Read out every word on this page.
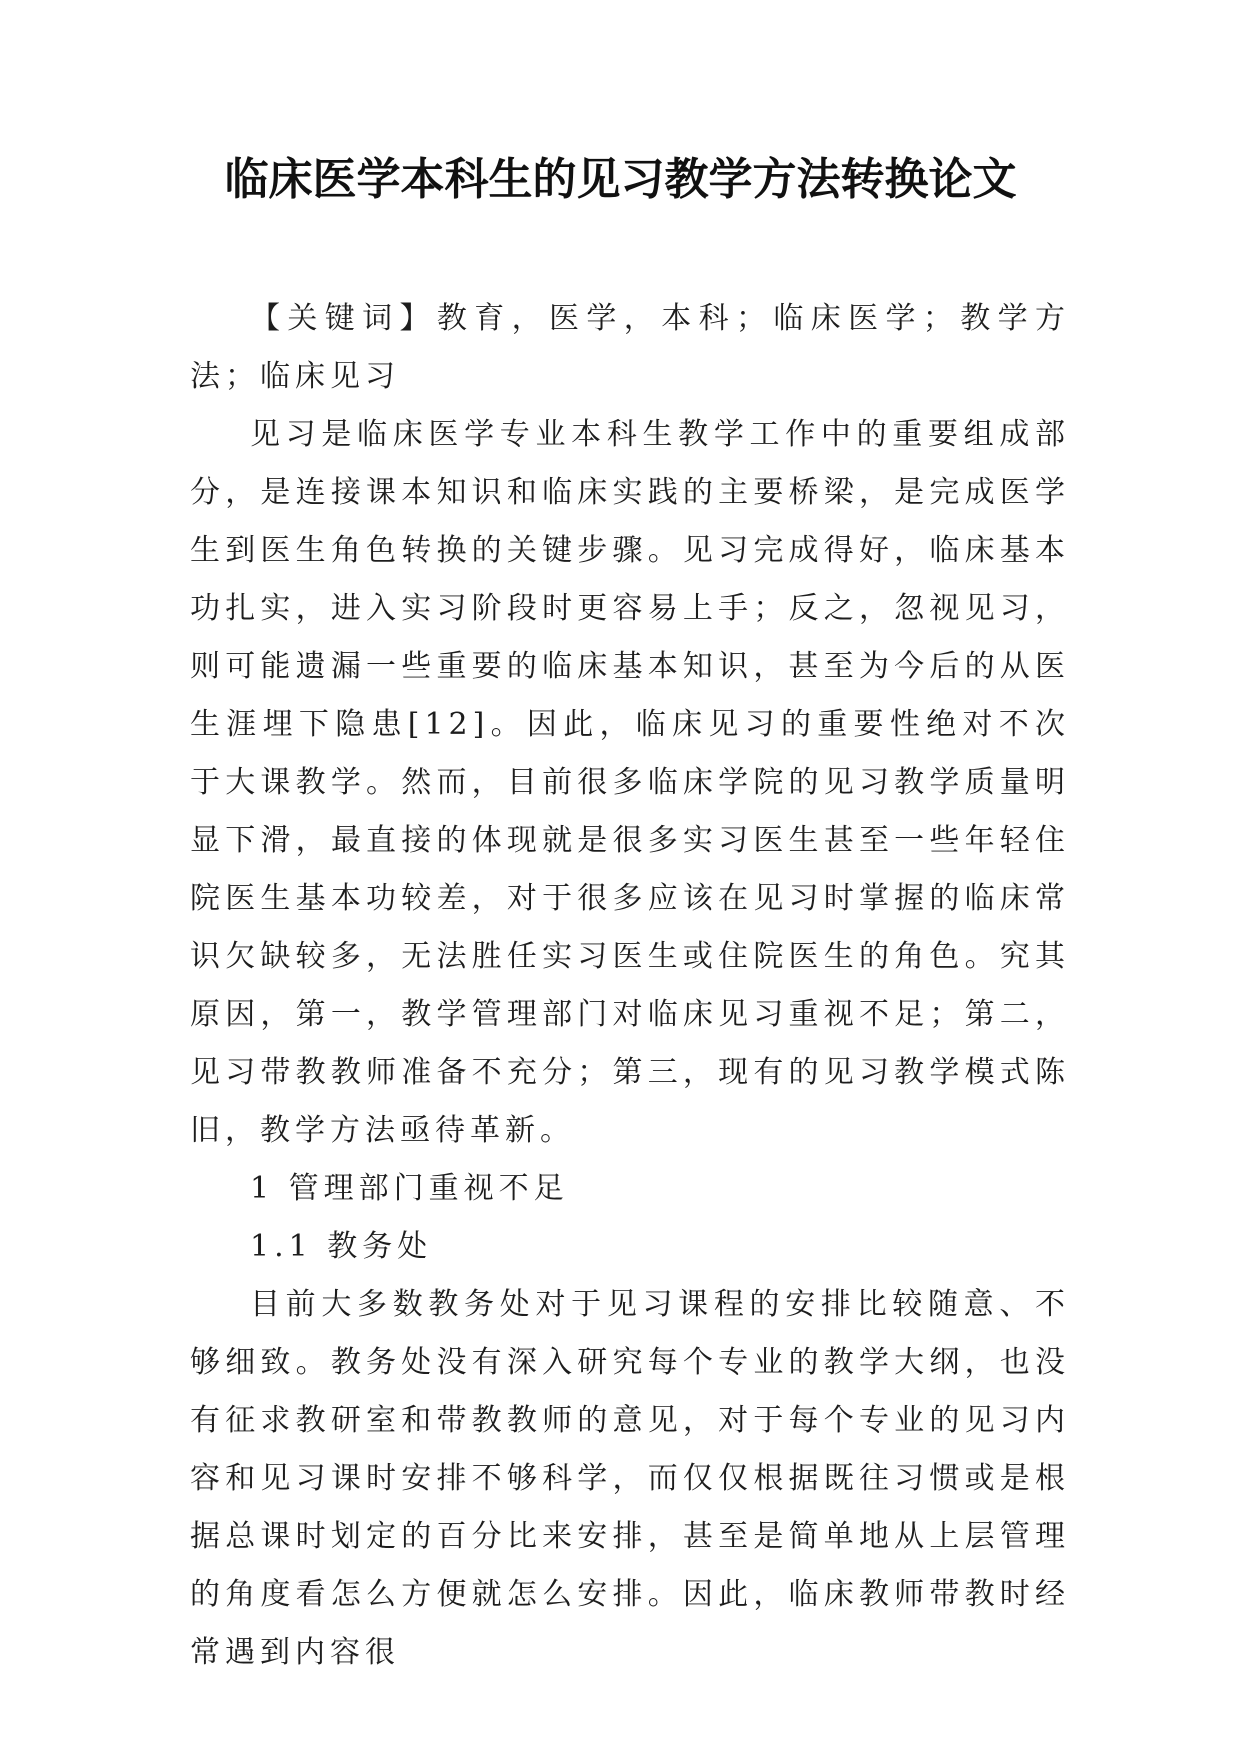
临床医学本科生的见习教学方法转换论文

【关键词】教育，医学，本科；临床医学；教学方法；临床见习

见习是临床医学专业本科生教学工作中的重要组成部分，是连接课本知识和临床实践的主要桥梁，是完成医学生到医生角色转换的关键步骤。见习完成得好，临床基本功扎实，进入实习阶段时更容易上手；反之，忽视见习，则可能遗漏一些重要的临床基本知识，甚至为今后的从医生涯埋下隐患[12]。因此，临床见习的重要性绝对不次于大课教学。然而，目前很多临床学院的见习教学质量明显下滑，最直接的体现就是很多实习医生甚至一些年轻住院医生基本功较差，对于很多应该在见习时掌握的临床常识欠缺较多，无法胜任实习医生或住院医生的角色。究其原因，第一，教学管理部门对临床见习重视不足；第二，见习带教教师准备不充分；第三，现有的见习教学模式陈旧，教学方法亟待革新。

1 管理部门重视不足

1.1 教务处

目前大多数教务处对于见习课程的安排比较随意、不够细致。教务处没有深入研究每个专业的教学大纲，也没有征求教研室和带教教师的意见，对于每个专业的见习内容和见习课时安排不够科学，而仅仅根据既往习惯或是根据总课时划定的百分比来安排，甚至是简单地从上层管理的角度看怎么方便就怎么安排。因此，临床教师带教时经常遇到内容很
